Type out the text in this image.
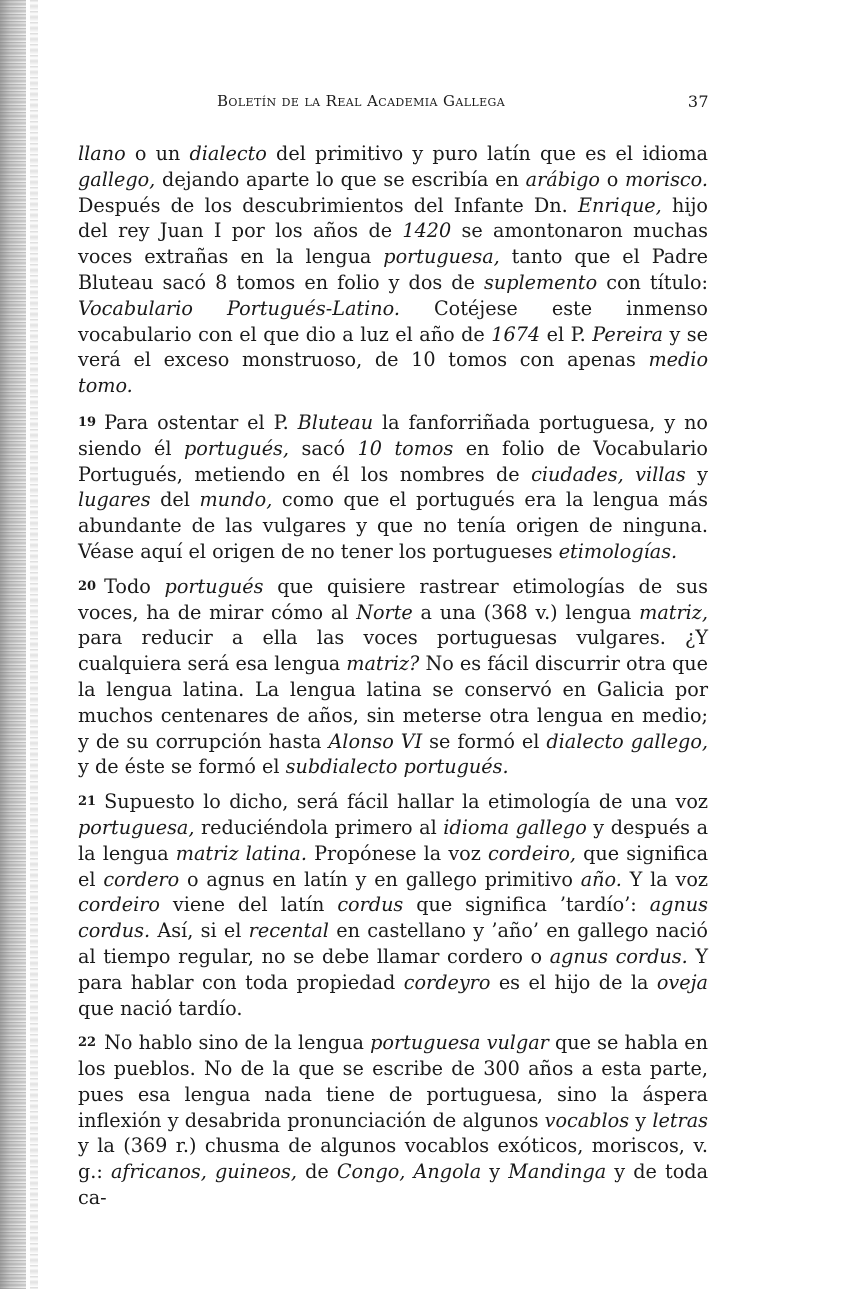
Boletín de la Real Academia Gallega	37

llano o un dialecto del primitivo y puro latín que es el idioma gallego, dejando aparte lo que se escribía en arábigo o morisco. Después de los descubrimientos del Infante Dn. Enrique, hijo del rey Juan I por los años de 1420 se amontonaron muchas voces extrañas en la lengua portuguesa, tanto que el Padre Bluteau sacó 8 tomos en folio y dos de suplemento con título: Vocabulario Portugués-Latino. Cotéjese este inmenso vocabulario con el que dio a luz el año de 1674 el P. Pereira y se verá el exceso monstruoso, de 10 tomos con apenas medio tomo.

19 Para ostentar el P. Bluteau la fanforriñada portuguesa, y no siendo él portugués, sacó 10 tomos en folio de Vocabulario Portugués, metiendo en él los nombres de ciudades, villas y lugares del mundo, como que el portugués era la lengua más abundante de las vulgares y que no tenía origen de ninguna. Véase aquí el origen de no tener los portugueses etimologías.

20 Todo portugués que quisiere rastrear etimologías de sus voces, ha de mirar cómo al Norte a una (368 v.) lengua matriz, para reducir a ella las voces portuguesas vulgares. ¿Y cualquiera será esa lengua matriz? No es fácil discurrir otra que la lengua latina. La lengua latina se conservó en Galicia por muchos centenares de años, sin meterse otra lengua en medio; y de su corrupción hasta Alonso VI se formó el dialecto gallego, y de éste se formó el subdialecto portugués.

21 Supuesto lo dicho, será fácil hallar la etimología de una voz portuguesa, reduciéndola primero al idioma gallego y después a la lengua matriz latina. Propónese la voz cordeiro, que significa el cordero o agnus en latín y en gallego primitivo año. Y la voz cordeiro viene del latín cordus que significa ’tardío’: agnus cordus. Así, si el recental en castellano y ’año’ en gallego nació al tiempo regular, no se debe llamar cordero o agnus cordus. Y para hablar con toda propiedad cordeyro es el hijo de la oveja que nació tardío.

22 No hablo sino de la lengua portuguesa vulgar que se habla en los pueblos. No de la que se escribe de 300 años a esta parte, pues esa lengua nada tiene de portuguesa, sino la áspera inflexión y desabrida pronunciación de algunos vocablos y letras y la (369 r.) chusma de algunos vocablos exóticos, moriscos, v. g.: africanos, guineos, de Congo, Angola y Mandinga y de toda ca-
